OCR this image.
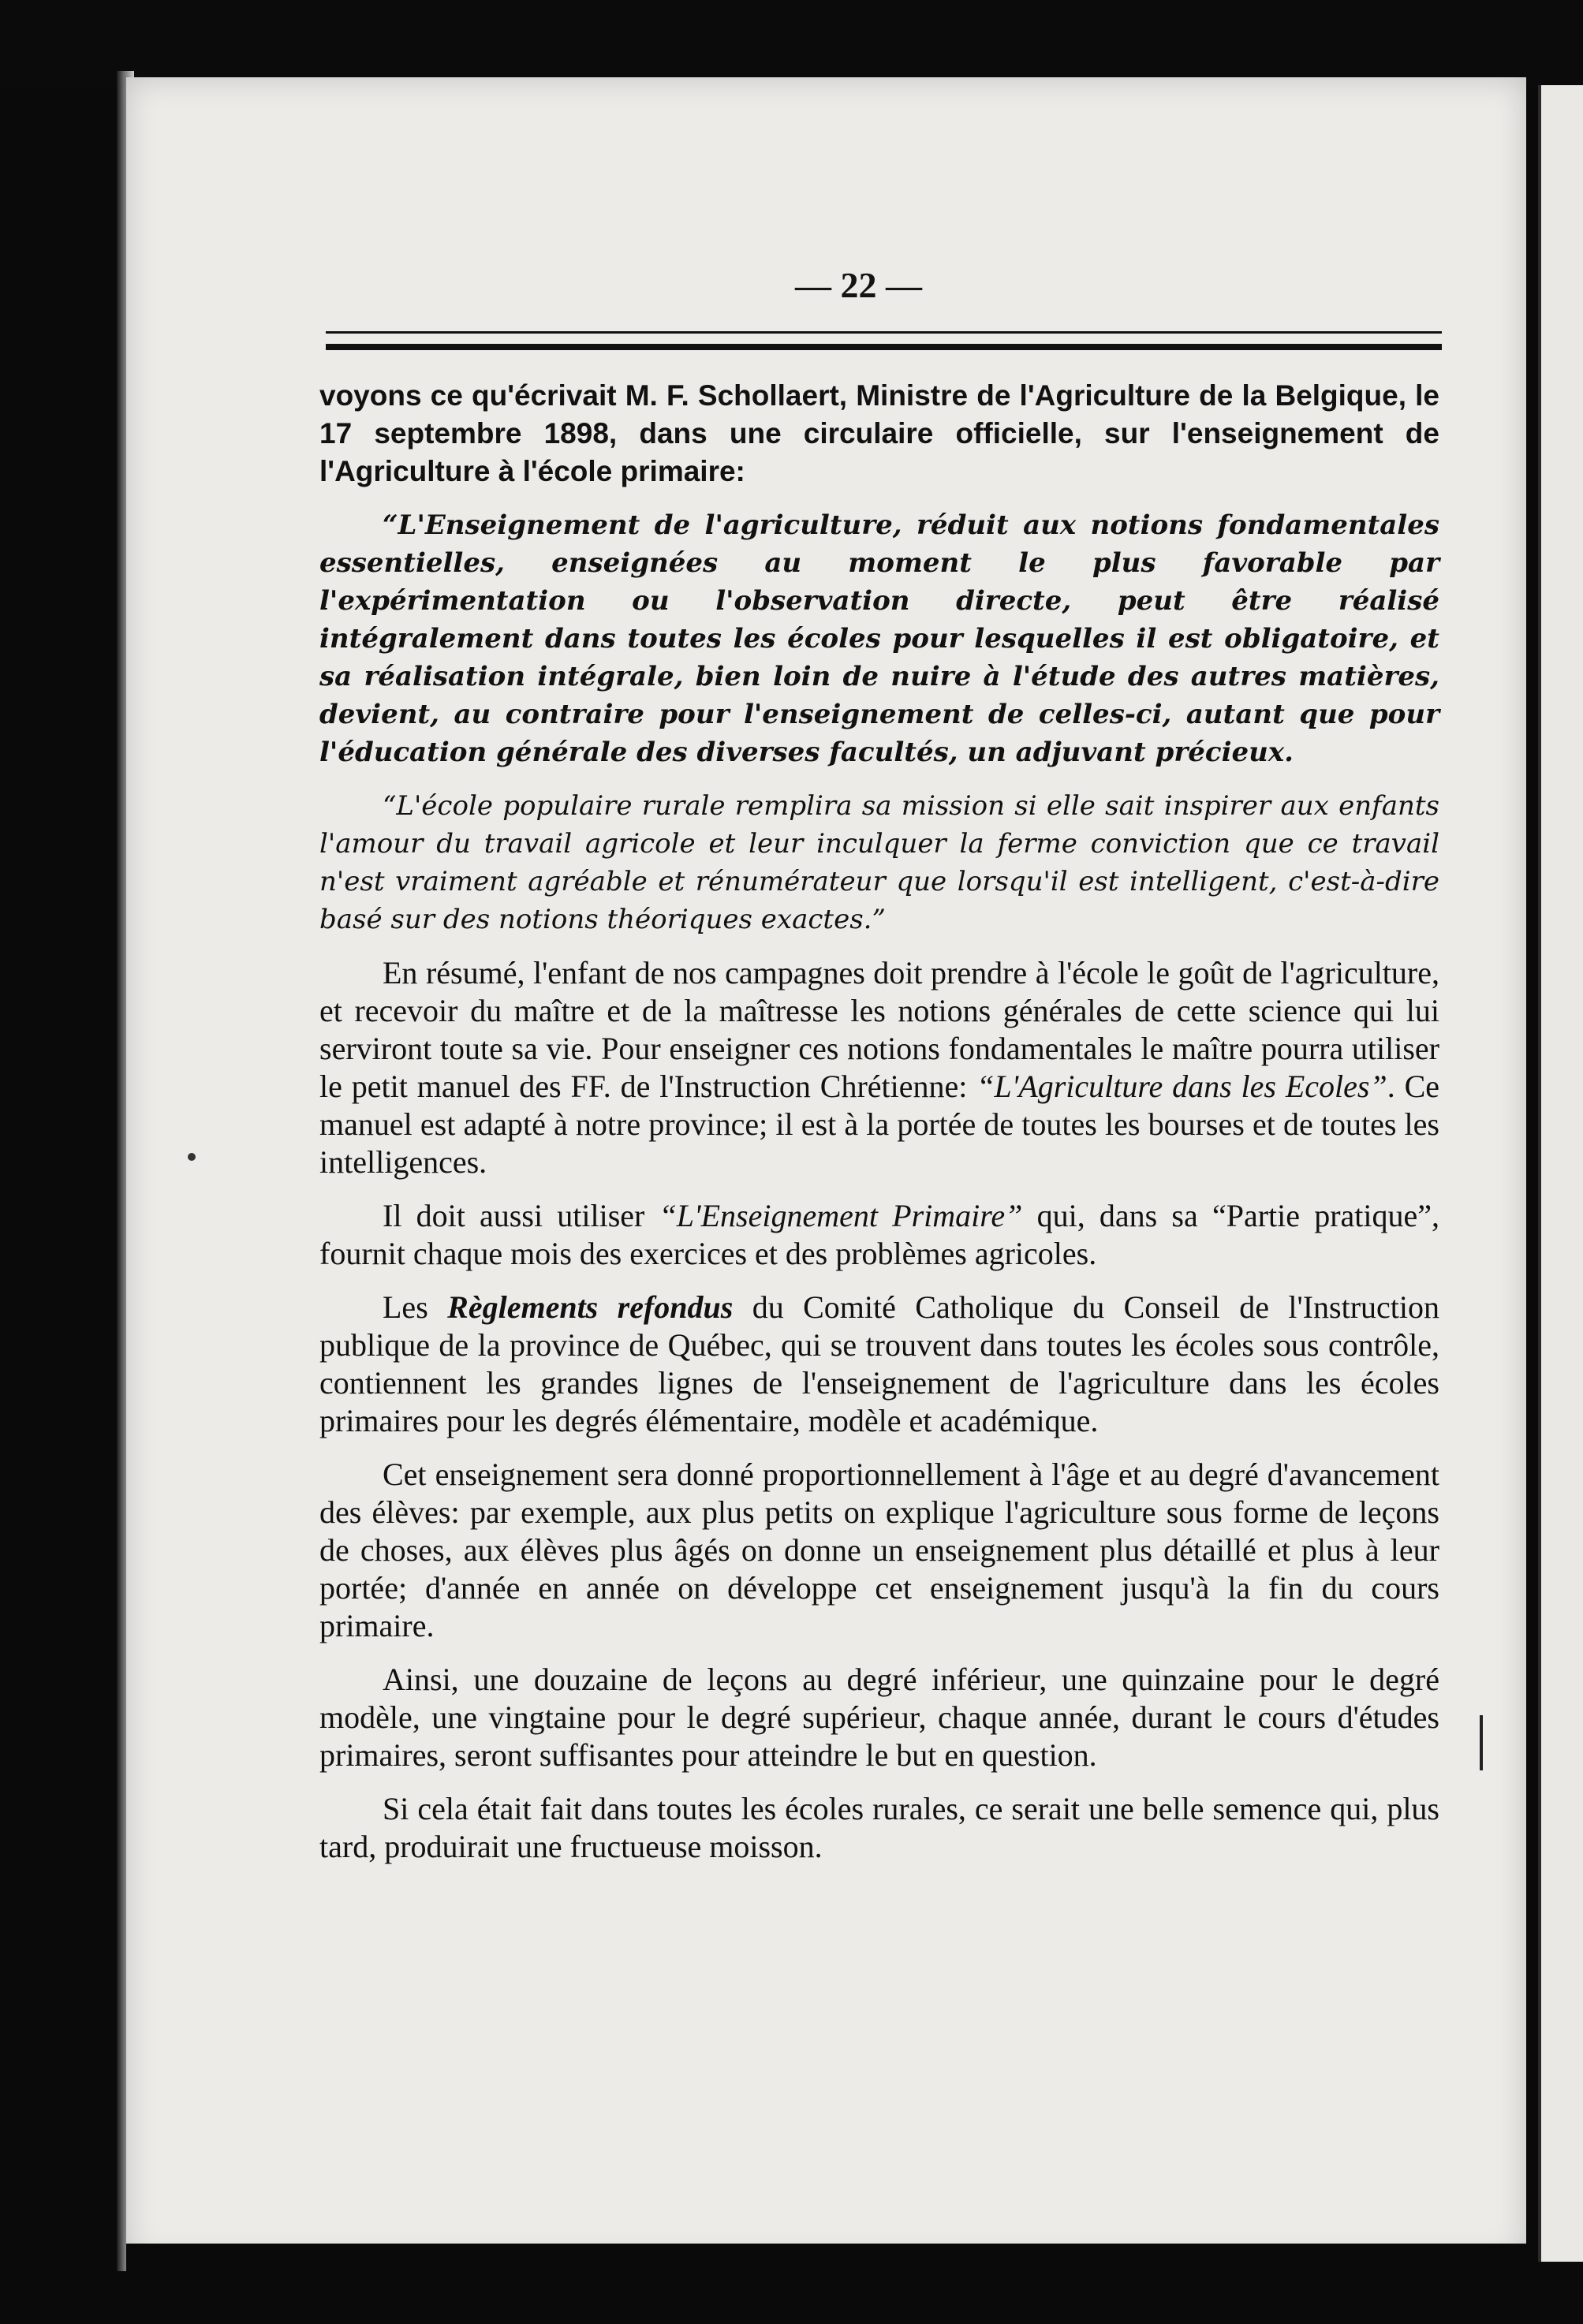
— 22 —

voyons ce qu'écrivait M. F. Schollaert, Ministre de l'Agriculture de la Belgique, le 17 septembre 1898, dans une circulaire officielle, sur l'enseignement de l'Agriculture à l'école primaire:

“L'Enseignement de l'agriculture, réduit aux notions fondamentales essentielles, enseignées au moment le plus favorable par l'expérimentation ou l'observation directe, peut être réalisé intégralement dans toutes les écoles pour lesquelles il est obligatoire, et sa réalisation intégrale, bien loin de nuire à l'étude des autres matières, devient, au contraire pour l'enseignement de celles-ci, autant que pour l'éducation générale des diverses facultés, un adjuvant précieux.

“L'école populaire rurale remplira sa mission si elle sait inspirer aux enfants l'amour du travail agricole et leur inculquer la ferme conviction que ce travail n'est vraiment agréable et rénumérateur que lorsqu'il est intelligent, c'est-à-dire basé sur des notions théoriques exactes.”

En résumé, l'enfant de nos campagnes doit prendre à l'école le goût de l'agriculture, et recevoir du maître et de la maîtresse les notions générales de cette science qui lui serviront toute sa vie. Pour enseigner ces notions fondamentales le maître pourra utiliser le petit manuel des FF. de l'Instruction Chrétienne: “L'Agriculture dans les Ecoles”. Ce manuel est adapté à notre province; il est à la portée de toutes les bourses et de toutes les intelligences.

Il doit aussi utiliser “L'Enseignement Primaire” qui, dans sa “Partie pratique”, fournit chaque mois des exercices et des problèmes agricoles.

Les Règlements refondus du Comité Catholique du Conseil de l'Instruction publique de la province de Québec, qui se trouvent dans toutes les écoles sous contrôle, contiennent les grandes lignes de l'enseignement de l'agriculture dans les écoles primaires pour les degrés élémentaire, modèle et académique.

Cet enseignement sera donné proportionnellement à l'âge et au degré d'avancement des élèves: par exemple, aux plus petits on explique l'agriculture sous forme de leçons de choses, aux élèves plus âgés on donne un enseignement plus détaillé et plus à leur portée; d'année en année on développe cet enseignement jusqu'à la fin du cours primaire.

Ainsi, une douzaine de leçons au degré inférieur, une quinzaine pour le degré modèle, une vingtaine pour le degré supérieur, chaque année, durant le cours d'études primaires, seront suffisantes pour atteindre le but en question.

Si cela était fait dans toutes les écoles rurales, ce serait une belle semence qui, plus tard, produirait une fructueuse moisson.
